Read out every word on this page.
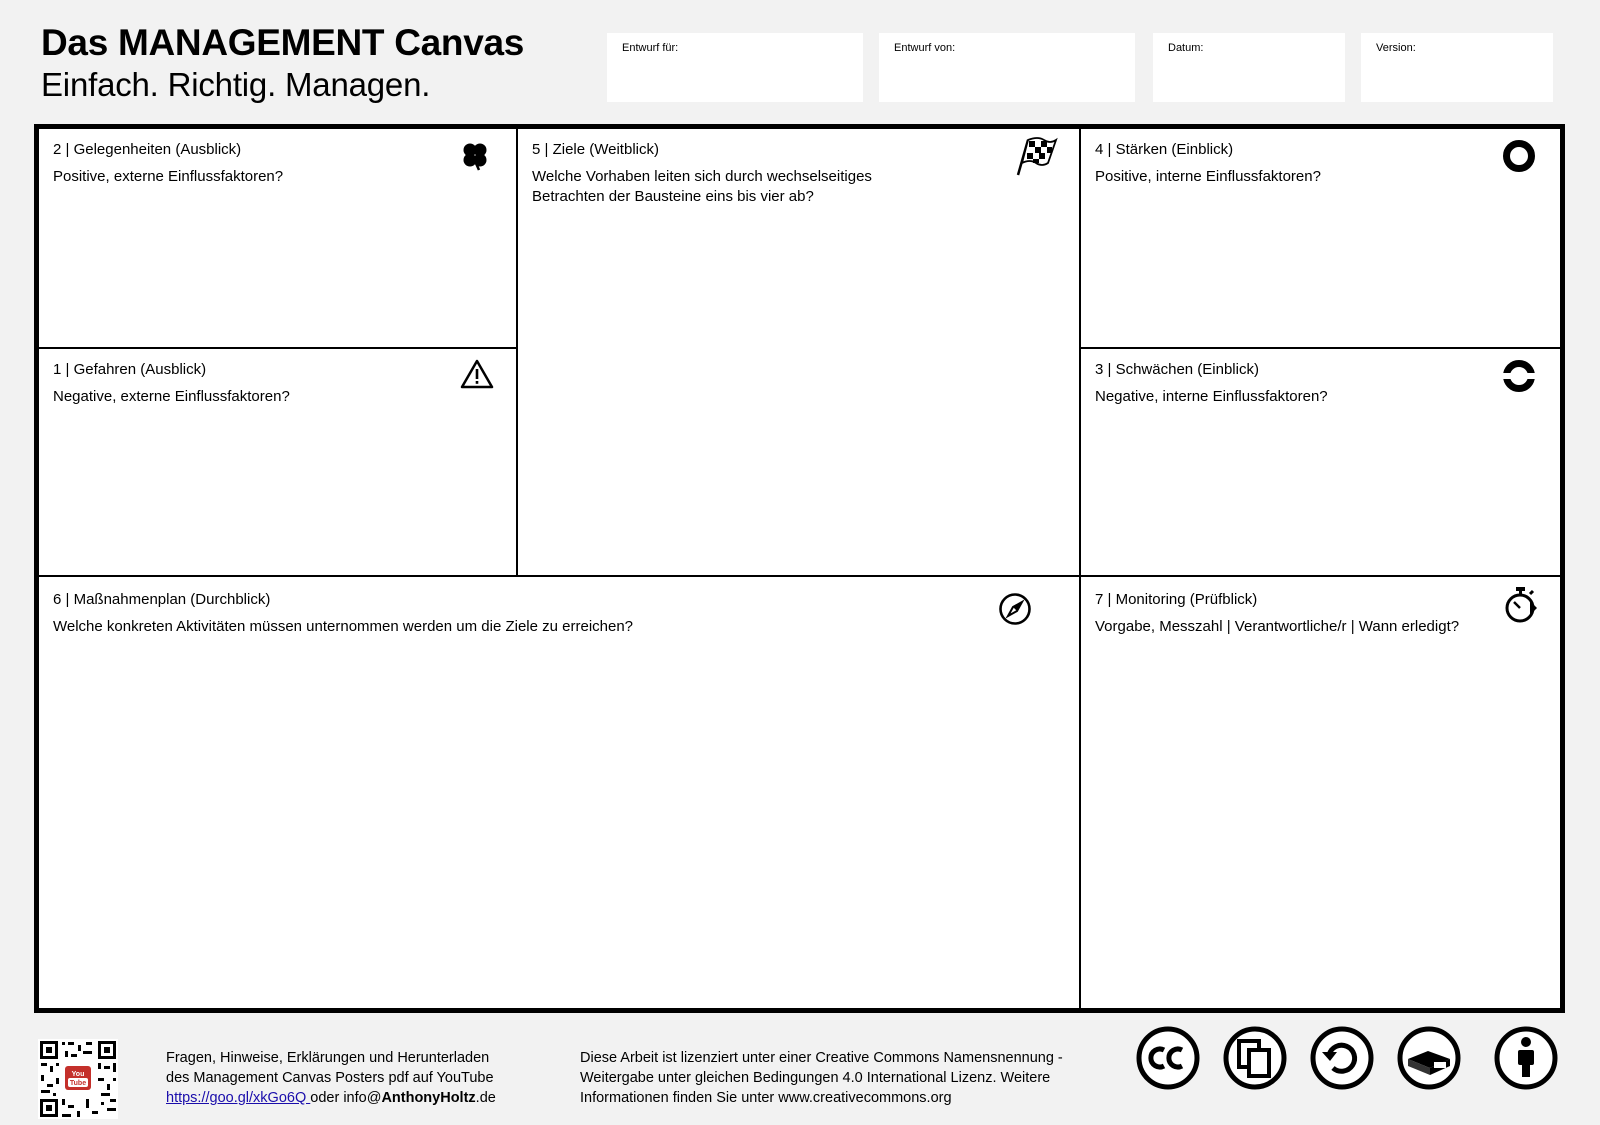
Das MANAGEMENT Canvas
Einfach. Richtig. Managen.
Entwurf für:	Entwurf von:	Datum:	Version:
2 | Gelegenheiten (Ausblick)
Positive, externe Einflussfaktoren?
1 | Gefahren (Ausblick)
Negative, externe Einflussfaktoren?
5 | Ziele (Weitblick)
Welche Vorhaben leiten sich durch wechselseitiges
Betrachten der Bausteine eins bis vier ab?
4 | Stärken (Einblick)
Positive, interne Einflussfaktoren?
3 | Schwächen (Einblick)
Negative, interne Einflussfaktoren?
6 | Maßnahmenplan (Durchblick)
Welche konkreten Aktivitäten müssen unternommen werden um die Ziele zu erreichen?
7 | Monitoring (Prüfblick)
Vorgabe, Messzahl | Verantwortliche/r | Wann erledigt?
You
Tube
Fragen, Hinweise, Erklärungen und Herunterladen
des Management Canvas Posters pdf auf YouTube
https://goo.gl/xkGo6Q oder info@AnthonyHoltz.de
Diese Arbeit ist lizenziert unter einer Creative Commons Namensnennung -
Weitergabe unter gleichen Bedingungen 4.0 International Lizenz. Weitere
Informationen finden Sie unter www.creativecommons.org
